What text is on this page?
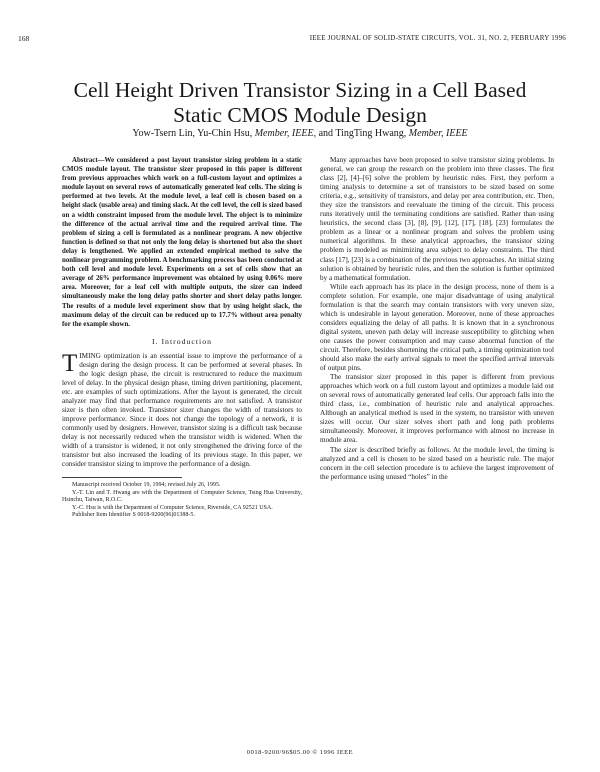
168	IEEE JOURNAL OF SOLID-STATE CIRCUITS, VOL. 31, NO. 2, FEBRUARY 1996
Cell Height Driven Transistor Sizing in a Cell Based
Static CMOS Module Design
Yow-Tsern Lin, Yu-Chin Hsu, Member, IEEE, and TingTing Hwang, Member, IEEE

Abstract—We considered a post layout transistor sizing problem in a static CMOS module layout. The transistor sizer proposed in this paper is different from previous approaches which work on a full-custom layout and optimizes a module layout on several rows of automatically generated leaf cells. The sizing is performed at two levels. At the module level, a leaf cell is chosen based on a height slack (usable area) and timing slack. At the cell level, the cell is sized based on a width constraint imposed from the module level. The object is to minimize the difference of the actual arrival time and the required arrival time. The problem of sizing a cell is formulated as a nonlinear program. A new objective function is defined so that not only the long delay is shortened but also the short delay is lengthened. We applied an extended empirical method to solve the nonlinear programming problem. A benchmarking process has been conducted at both cell level and module level. Experiments on a set of cells show that an average of 26% performance improvement was obtained by using 0.06% more area. Moreover, for a leaf cell with multiple outputs, the sizer can indeed simultaneously make the long delay paths shorter and short delay paths longer. The results of a module level experiment show that by using height slack, the maximum delay of the circuit can be reduced up to 17.7% without area penalty for the example shown.

I. Introduction

TIMING optimization is an essential issue to improve the performance of a design during the design process. It can be performed at several phases. In the logic design phase, the circuit is restructured to reduce the maximum level of delay. In the physical design phase, timing driven partitioning, placement, etc. are examples of such optimizations. After the layout is generated, the circuit analyzer may find that performance requirements are not satisfied. A transistor sizer is then often invoked. Transistor sizer changes the width of transistors to improve performance. Since it does not change the topology of a network, it is commonly used by designers. However, transistor sizing is a difficult task because delay is not necessarily reduced when the transistor width is widened. When the width of a transistor is widened, it not only strengthened the driving force of the transistor but also increased the loading of its previous stage. In this paper, we consider transistor sizing to improve the performance of a design.

Manuscript received October 19, 1994; revised July 26, 1995.
Y.-T. Lin and T. Hwang are with the Department of Computer Science, Tsing Hua University, Hsinchu, Taiwan, R.O.C.
Y.-C. Hsu is with the Department of Computer Science, Riverside, CA 92521 USA.
Publisher Item Identifier S 0018-9200(96)01388-5.

Many approaches have been proposed to solve transistor sizing problems. In general, we can group the research on the problem into three classes. The first class [2], [4]–[6] solve the problem by heuristic rules. First, they perform a timing analysis to determine a set of transistors to be sized based on some criteria, e.g., sensitivity of transistors, and delay per area contribution, etc. Then, they size the transistors and reevaluate the timing of the circuit. This process runs iteratively until the terminating conditions are satisfied. Rather than using heuristics, the second class [3], [8], [9], [12], [17], [18], [23] formulates the problem as a linear or a nonlinear program and solves the problem using numerical algorithms. In these analytical approaches, the transistor sizing problem is modeled as minimizing area subject to delay constraints. The third class [17], [23] is a combination of the previous two approaches. An initial sizing solution is obtained by heuristic rules, and then the solution is further optimized by a mathematical formulation.

While each approach has its place in the design process, none of them is a complete solution. For example, one major disadvantage of using analytical formulation is that the search may contain transistors with very uneven size, which is undesirable in layout generation. Moreover, none of these approaches considers equalizing the delay of all paths. It is known that in a synchronous digital system, uneven path delay will increase susceptibility to glitching when one causes the power consumption and may cause abnormal function of the circuit. Therefore, besides shortening the critical path, a timing optimization tool should also make the early arrival signals to meet the specified arrival intervals of output pins.

The transistor sizer proposed in this paper is different from previous approaches which work on a full custom layout and optimizes a module laid out on several rows of automatically generated leaf cells. Our approach falls into the third class, i.e., combination of heuristic rule and analytical approaches. Although an analytical method is used in the system, no transistor with uneven sizes will occur. Our sizer solves short path and long path problems simultaneously. Moreover, it improves performance with almost no increase in module area.

The sizer is described briefly as follows. At the module level, the timing is analyzed and a cell is chosen to be sized based on a heuristic rule. The major concern in the cell selection procedure is to achieve the largest improvement of the performance using unused “holes” in the

0018-9200/96$05.00 © 1996 IEEE
